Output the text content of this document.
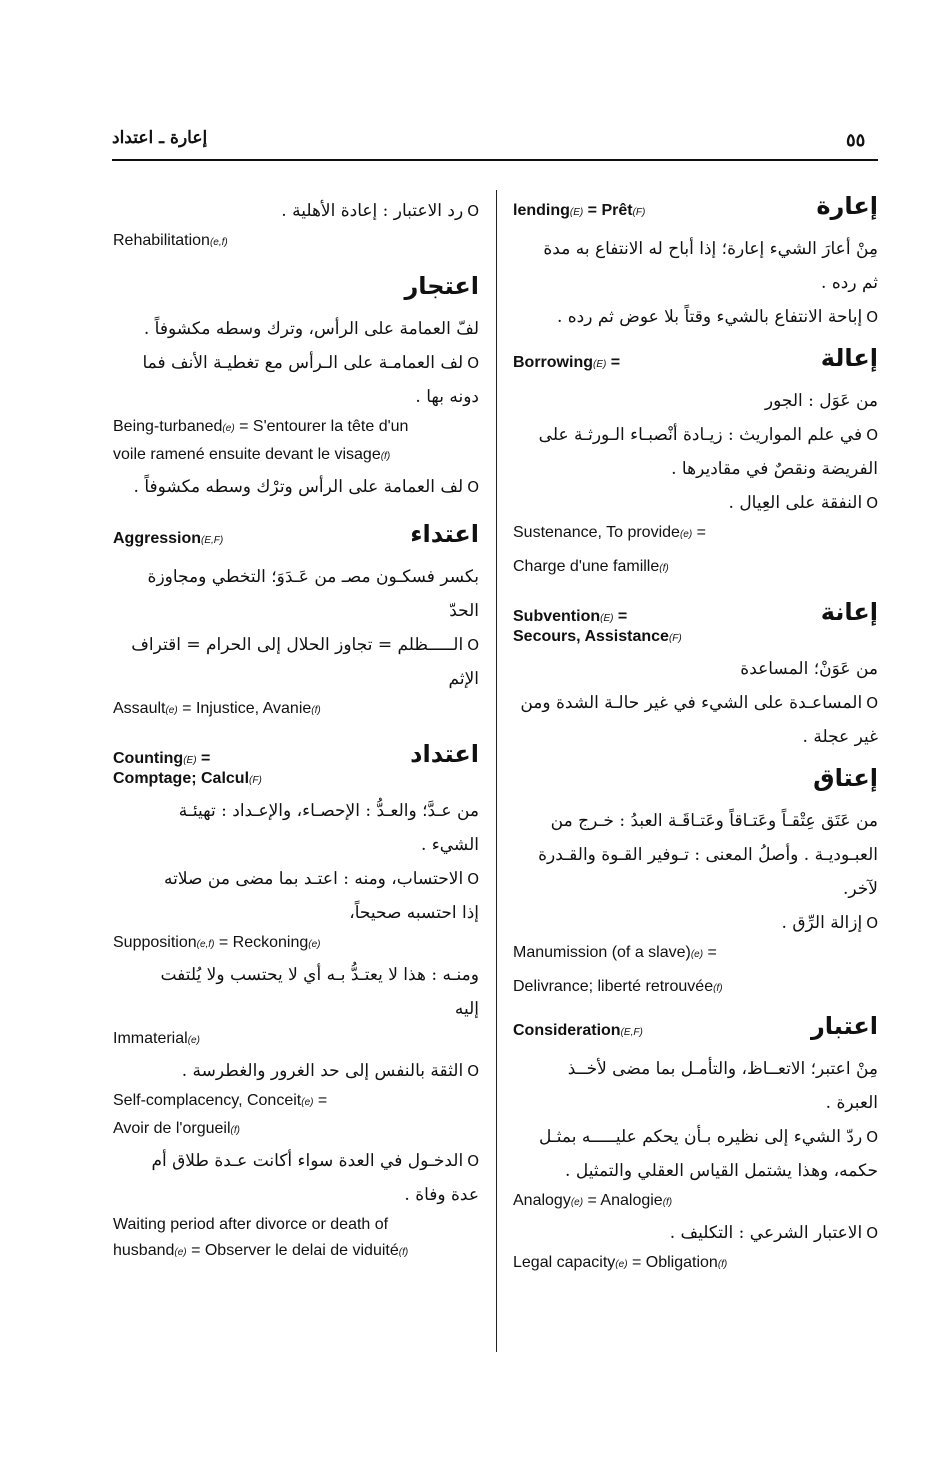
إعارة ـ اعتداد	٥٥
إعارة
lending(E) = Prêt(F)
مِنْ أعارَ الشيء إعارة؛ إذا أباح له الانتفاع به مدة
ثم رده .
Oإباحة الانتفاع بالشيء وقتاً بلا عوض ثم رده .
إعالة
Borrowing(E) =
من عَوَل : الجور
Oفي علم المواريث : زيـادة أنْصبـاء الـورثـة على
الفريضة ونقصٌ في مقاديرها .
Oالنفقة على العِيال .
Sustenance, To provide(e) =
Charge d'une famille(f)
إعانة
Subvention(E) =
Secours, Assistance(F)
من عَوَنْ؛ المساعدة
Oالمساعـدة على الشيء في غير حالـة الشدة ومن
غير عجلة .
إعتاق
من عَتَق عِتْقـاً وعَتـاقاً وعَتـاقَـة العبدُ : خـرج من
العبـوديـة . وأصلُ المعنى : تـوفير القـوة والقـدرة
لآخر.
Oإزالة الرِّق .
Manumission (of a slave)(e) =
Delivrance; liberté retrouvée(f)
اعتبار
Consideration(E,F)
مِنْ اعتبر؛ الاتعــاظ، والتأمـل بما مضى لأخــذ
العبرة .
Oردّ الشيء إلى نظيره بـأن يحكم عليـــــه بمثـل
حكمه، وهذا يشتمل القياس العقلي والتمثيل .
Analogy(e) = Analogie(f)
Oالاعتبار الشرعي : التكليف .
Legal capacity(e) = Obligation(f)
Oرد الاعتبار : إعادة الأهلية .
Rehabilitation(e,f)
اعتجار
لفّ العمامة على الرأس، وترك وسطه مكشوفاً .
Oلف العمامـة على الـرأس مع تغطيـة الأنف فما
دونه بها .
Being-turbaned(e) = S'entourer la tête d'un
voile ramené ensuite devant le visage(f)
Oلف العمامة على الرأس وترْك وسطه مكشوفاً .
اعتداء
Aggression(E,F)
بكسر فسكـون مصـ من عَـدَوَ؛ التخطي ومجاوزة
الحدّ
Oالـــــظلم = تجاوز الحلال إلى الحرام = اقتراف
الإثم
Assault(e) = Injustice, Avanie(f)
اعتداد
Counting(E) =
Comptage; Calcul(F)
من عـدَّ؛ والعـدُّ : الإحصـاء، والإعـداد : تهيئـة
الشيء .
Oالاحتساب، ومنه : اعتـد بما مضى من صلاته
إذا احتسبه صحيحاً،
Supposition(e,f) = Reckoning(e)
ومنـه : هذا لا يعتـدُّ بـه أي لا يحتسب ولا يُلتفت
إليه
Immaterial(e)
Oالثقة بالنفس إلى حد الغرور والغطرسة .
Self-complacency, Conceit(e) =
Avoir de l'orgueil(f)
Oالدخـول في العدة سواء أكانت عـدة طلاق أم
عدة وفاة .
Waiting period after divorce or death of
husband(e) = Observer le delai de viduité(f)
